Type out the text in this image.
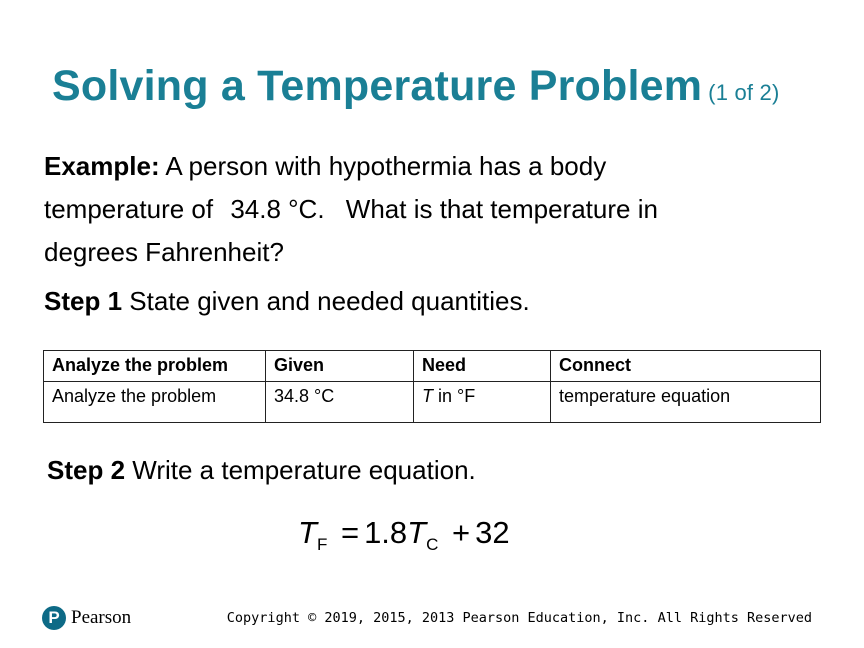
Solving a Temperature Problem (1 of 2)
Example: A person with hypothermia has a body temperature of 34.8 °C. What is that temperature in degrees Fahrenheit?
Step 1 State given and needed quantities.
Analyze the problem	Given	Need	Connect
Analyze the problem	34.8 °C	T in °F	temperature equation
Step 2 Write a temperature equation.
$T_F = 1.8T_C + 32$
P Pearson	Copyright © 2019, 2015, 2013 Pearson Education, Inc. All Rights Reserved
